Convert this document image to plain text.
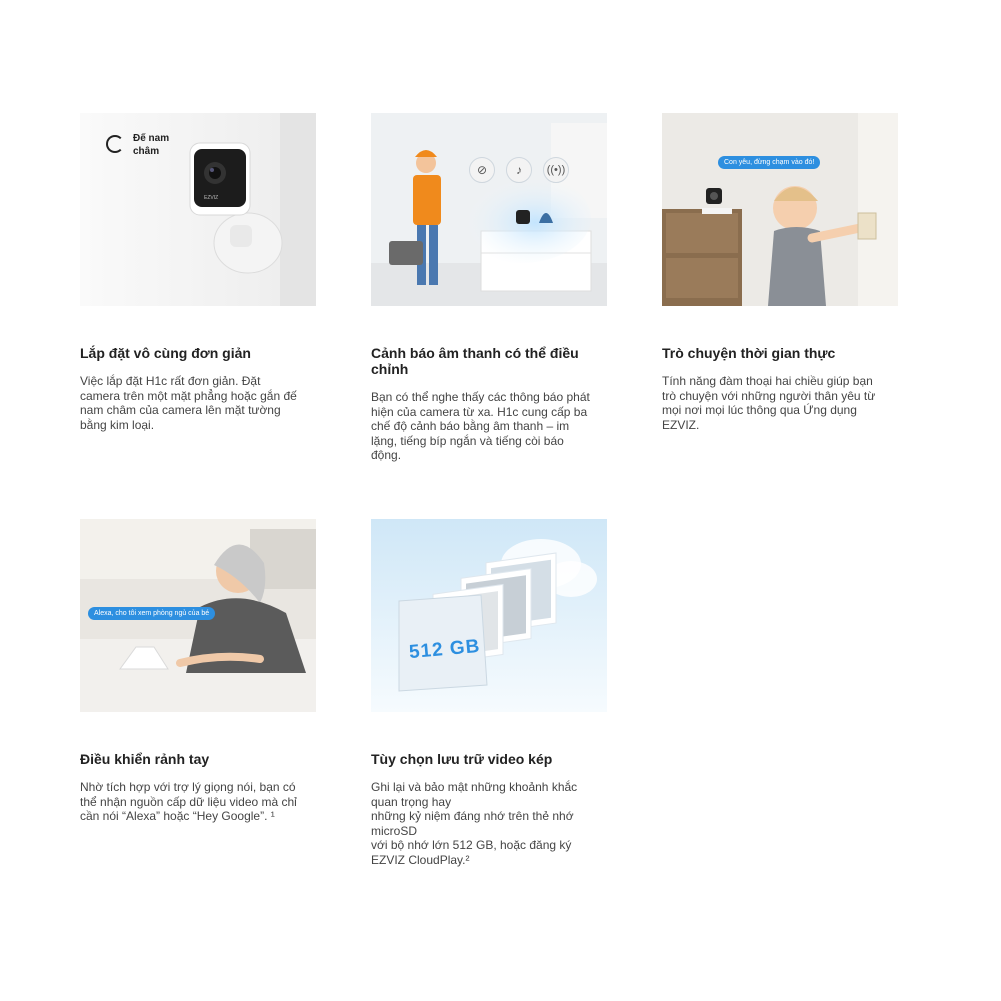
Đế nam
châm
EZVIZ
Lắp đặt vô cùng đơn giản
Việc lắp đặt H1c rất đơn giản. Đặt
camera trên một mặt phẳng hoặc gắn đế
nam châm của camera lên mặt tường
bằng kim loại.
⊘	♪	((•))
Cảnh báo âm thanh có thể điều chỉnh
Bạn có thể nghe thấy các thông báo phát
hiện của camera từ xa. H1c cung cấp ba
chế độ cảnh báo bằng âm thanh – im
lặng, tiếng bíp ngắn và tiếng còi báo
động.
Con yêu, đừng chạm vào đó!
Trò chuyện thời gian thực
Tính năng đàm thoại hai chiều giúp bạn
trò chuyện với những người thân yêu từ
mọi nơi mọi lúc thông qua Ứng dụng
EZVIZ.
Alexa, cho tôi xem phòng ngủ của bé
Điều khiển rảnh tay
Nhờ tích hợp với trợ lý giọng nói, bạn có
thể nhận nguồn cấp dữ liệu video mà chỉ
cần nói “Alexa” hoặc “Hey Google”. ¹
512 GB
Tùy chọn lưu trữ video kép
Ghi lại và bảo mật những khoảnh khắc
quan trọng hay
những kỷ niệm đáng nhớ trên thẻ nhớ
microSD
với bộ nhớ lớn 512 GB, hoặc đăng ký
EZVIZ CloudPlay.²
